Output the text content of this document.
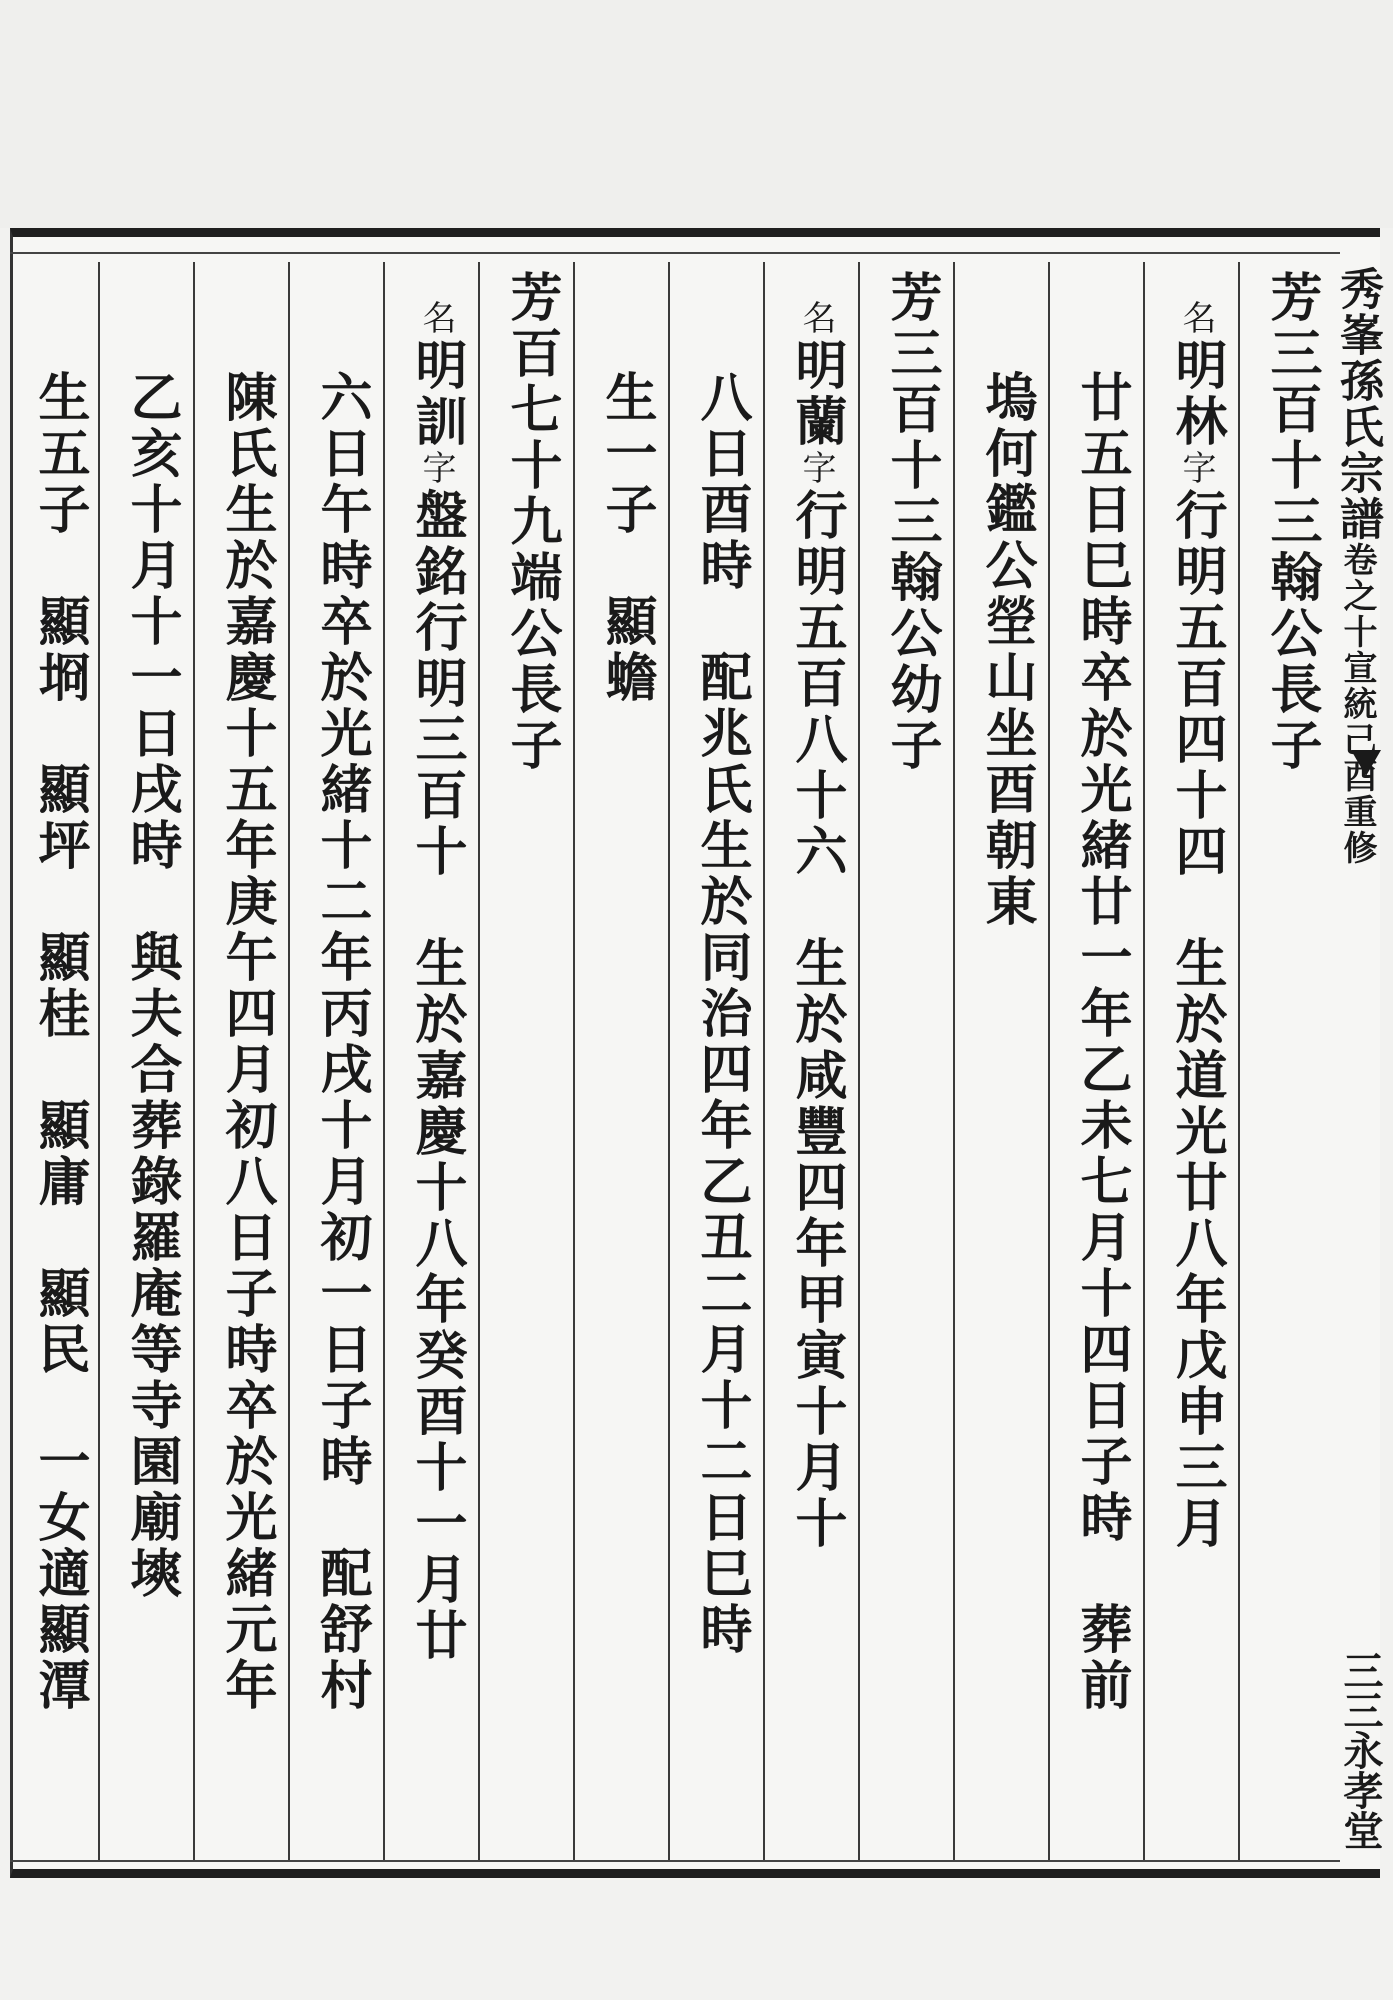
秀峯孫氏宗譜卷之十宣統己酉重修
三三永孝堂
芳三百十三翰公長子
名明林字行明五百四十四　生於道光廿八年戊申三月
廿五日巳時卒於光緒廿一年乙未七月十四日子時　葬前
塢何鑑公塋山坐酉朝東
芳三百十三翰公幼子
名明蘭字行明五百八十六　生於咸豐四年甲寅十月十
八日酉時　配兆氏生於同治四年乙丑二月十二日巳時
生一子　顯蟾
芳百七十九端公長子
名明訓字盤銘行明三百十　生於嘉慶十八年癸酉十一月廿
六日午時卒於光緒十二年丙戌十月初一日子時　配舒村
陳氏生於嘉慶十五年庚午四月初八日子時卒於光緒元年
乙亥十月十一日戌時　與夫合葬錄羅庵等寺園廟塽
生五子　顯埛　顯坪　顯桂　顯庸　顯民　一女適顯潭
